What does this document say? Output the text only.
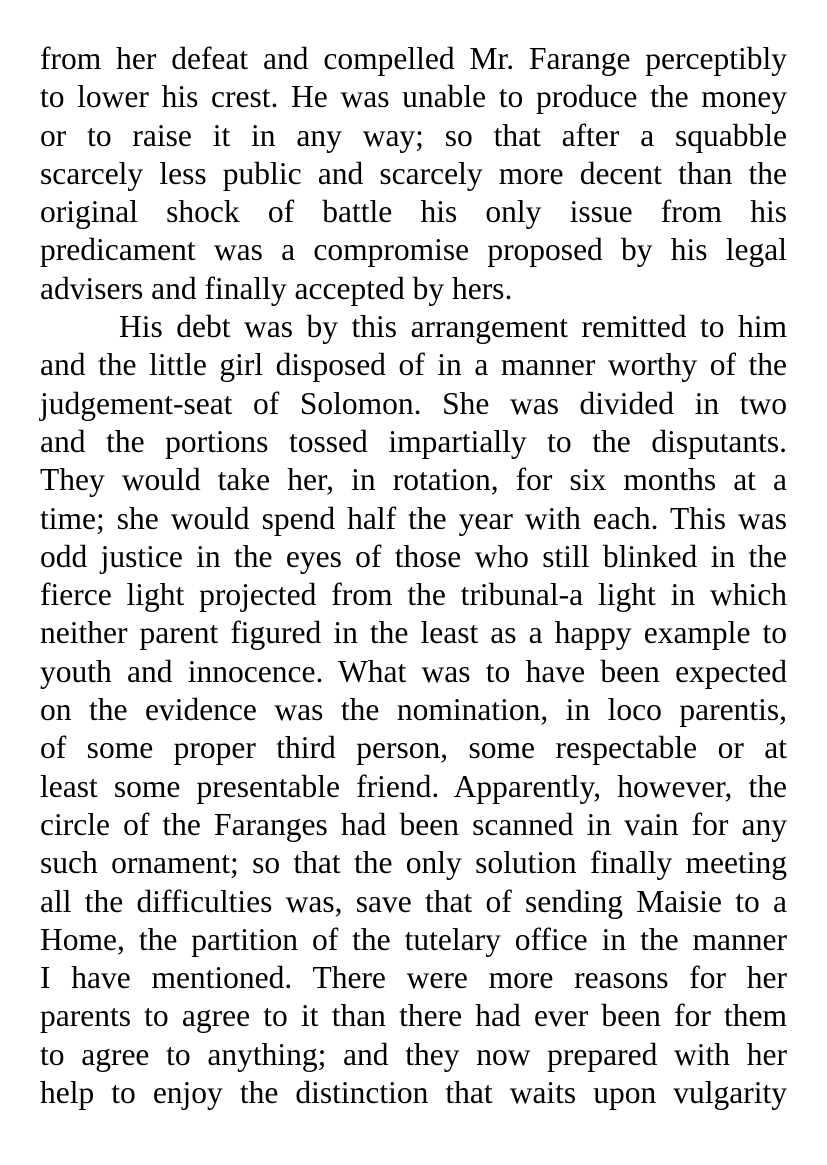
from her defeat and compelled Mr. Farange perceptibly
to lower his crest. He was unable to produce the money
or to raise it in any way; so that after a squabble
scarcely less public and scarcely more decent than the
original shock of battle his only issue from his
predicament was a compromise proposed by his legal
advisers and finally accepted by hers.
His debt was by this arrangement remitted to him
and the little girl disposed of in a manner worthy of the
judgement-seat of Solomon. She was divided in two
and the portions tossed impartially to the disputants.
They would take her, in rotation, for six months at a
time; she would spend half the year with each. This was
odd justice in the eyes of those who still blinked in the
fierce light projected from the tribunal-a light in which
neither parent figured in the least as a happy example to
youth and innocence. What was to have been expected
on the evidence was the nomination, in loco parentis,
of some proper third person, some respectable or at
least some presentable friend. Apparently, however, the
circle of the Faranges had been scanned in vain for any
such ornament; so that the only solution finally meeting
all the difficulties was, save that of sending Maisie to a
Home, the partition of the tutelary office in the manner
I have mentioned. There were more reasons for her
parents to agree to it than there had ever been for them
to agree to anything; and they now prepared with her
help to enjoy the distinction that waits upon vulgarity
